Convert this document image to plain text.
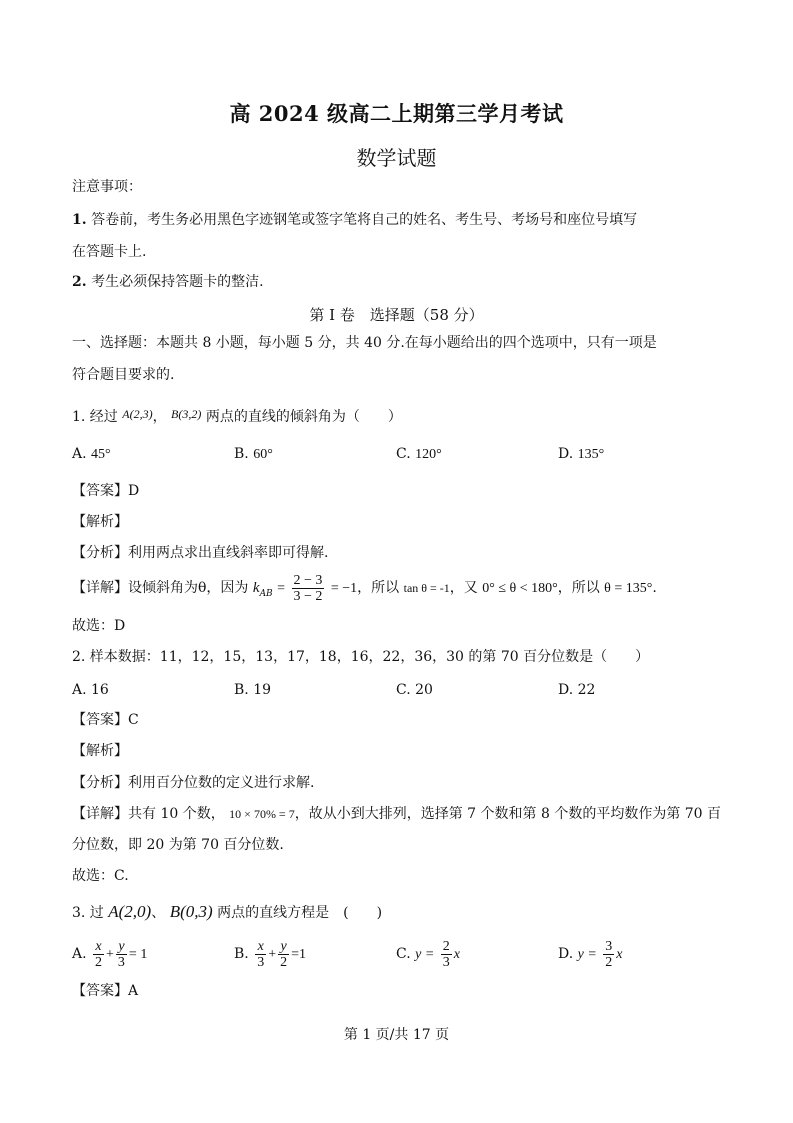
高 2024 级高二上期第三学月考试
数学试题
注意事项：
1. 答卷前，考生务必用黑色字迹钢笔或签字笔将自己的姓名、考生号、考场号和座位号填写
在答题卡上.
2. 考生必须保持答题卡的整洁.
第 I 卷　选择题（58 分）
一、选择题：本题共 8 小题，每小题 5 分，共 40 分.在每小题给出的四个选项中，只有一项是
符合题目要求的.
1. 经过 A(2,3)， B(3,2) 两点的直线的倾斜角为（　　）
A. 45°	B. 60°	C. 120°	D. 135°
【答案】D
【解析】
【分析】利用两点求出直线斜率即可得解.
【详解】设倾斜角为θ，因为 $k_{AB} = \frac{2 - 3}{3 - 2} = -1$，所以 tan θ = -1，又 0° ≤ θ < 180°，所以 θ = 135°.
故选：D
2. 样本数据：11，12，15，13，17，18，16，22，36，30 的第 70 百分位数是（　　）
A. 16	B. 19	C. 20	D. 22
【答案】C
【解析】
【分析】利用百分位数的定义进行求解.
【详解】共有 10 个数， 10 × 70% = 7，故从小到大排列，选择第 7 个数和第 8 个数的平均数作为第 70 百
分位数，即 20 为第 70 百分位数.
故选：C.
3. 过 A(2,0)、 B(0,3) 两点的直线方程是　(　　)
A. $\frac{x}{2} + \frac{y}{3} = 1$	B. $\frac{x}{3} + \frac{y}{2} =1$	C. $y = \frac{2}{3}$ x	D. $y = \frac{3}{2}$ x
【答案】A
第 1 页/共 17 页
